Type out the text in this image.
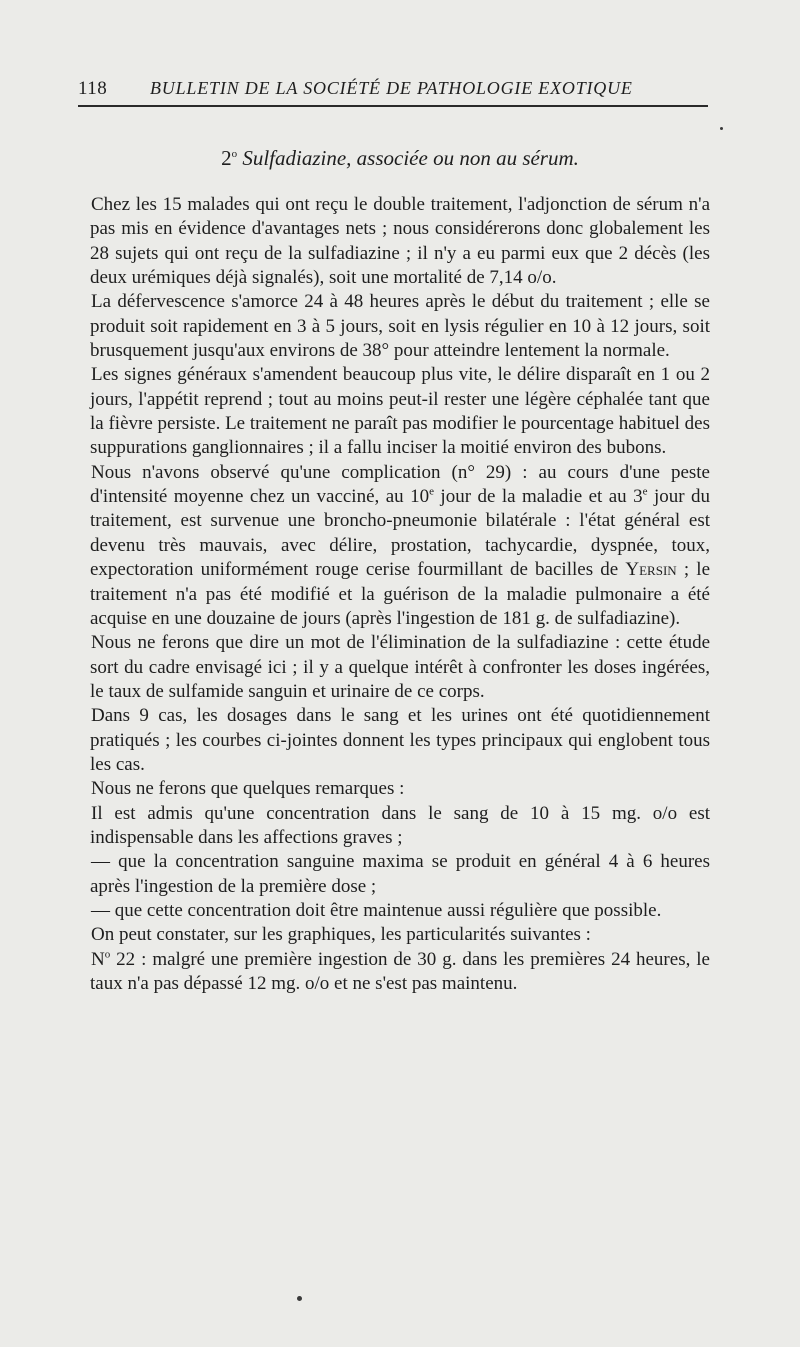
118 BULLETIN DE LA SOCIÉTÉ DE PATHOLOGIE EXOTIQUE
2$^o$ Sulfadiazine, associée ou non au sérum.

Chez les 15 malades qui ont reçu le double traitement, l'adjonction de sérum n'a pas mis en évidence d'avantages nets ; nous considérerons donc globalement les 28 sujets qui ont reçu de la sulfadiazine ; il n'y a eu parmi eux que 2 décès (les deux urémiques déjà signalés), soit une mortalité de 7,14 o/o.

La défervescence s'amorce 24 à 48 heures après le début du traitement ; elle se produit soit rapidement en 3 à 5 jours, soit en lysis régulier en 10 à 12 jours, soit brusquement jusqu'aux environs de 38° pour atteindre lentement la normale.

Les signes généraux s'amendent beaucoup plus vite, le délire disparaît en 1 ou 2 jours, l'appétit reprend ; tout au moins peut-il rester une légère céphalée tant que la fièvre persiste. Le traitement ne paraît pas modifier le pourcentage habituel des suppurations ganglionnaires ; il a fallu inciser la moitié environ des bubons.

Nous n'avons observé qu'une complication (n° 29) : au cours d'une peste d'intensité moyenne chez un vacciné, au 10e jour de la maladie et au 3e jour du traitement, est survenue une broncho-pneumonie bilatérale : l'état général est devenu très mauvais, avec délire, prostation, tachycardie, dyspnée, toux, expectoration uniformément rouge cerise fourmillant de bacilles de Yersin ; le traitement n'a pas été modifié et la guérison de la maladie pulmonaire a été acquise en une douzaine de jours (après l'ingestion de 181 g. de sulfadiazine).

Nous ne ferons que dire un mot de l'élimination de la sulfadiazine : cette étude sort du cadre envisagé ici ; il y a quelque intérêt à confronter les doses ingérées, le taux de sulfamide sanguin et urinaire de ce corps.

Dans 9 cas, les dosages dans le sang et les urines ont été quotidiennement pratiqués ; les courbes ci-jointes donnent les types principaux qui englobent tous les cas.

Nous ne ferons que quelques remarques :

Il est admis qu'une concentration dans le sang de 10 à 15 mg. o/o est indispensable dans les affections graves ;

— que la concentration sanguine maxima se produit en général 4 à 6 heures après l'ingestion de la première dose ;

— que cette concentration doit être maintenue aussi régulière que possible.

On peut constater, sur les graphiques, les particularités suivantes :

$N^o$ 22 : malgré une première ingestion de 30 g. dans les premières 24 heures, le taux n'a pas dépassé 12 mg. o/o et ne s'est pas maintenu.
